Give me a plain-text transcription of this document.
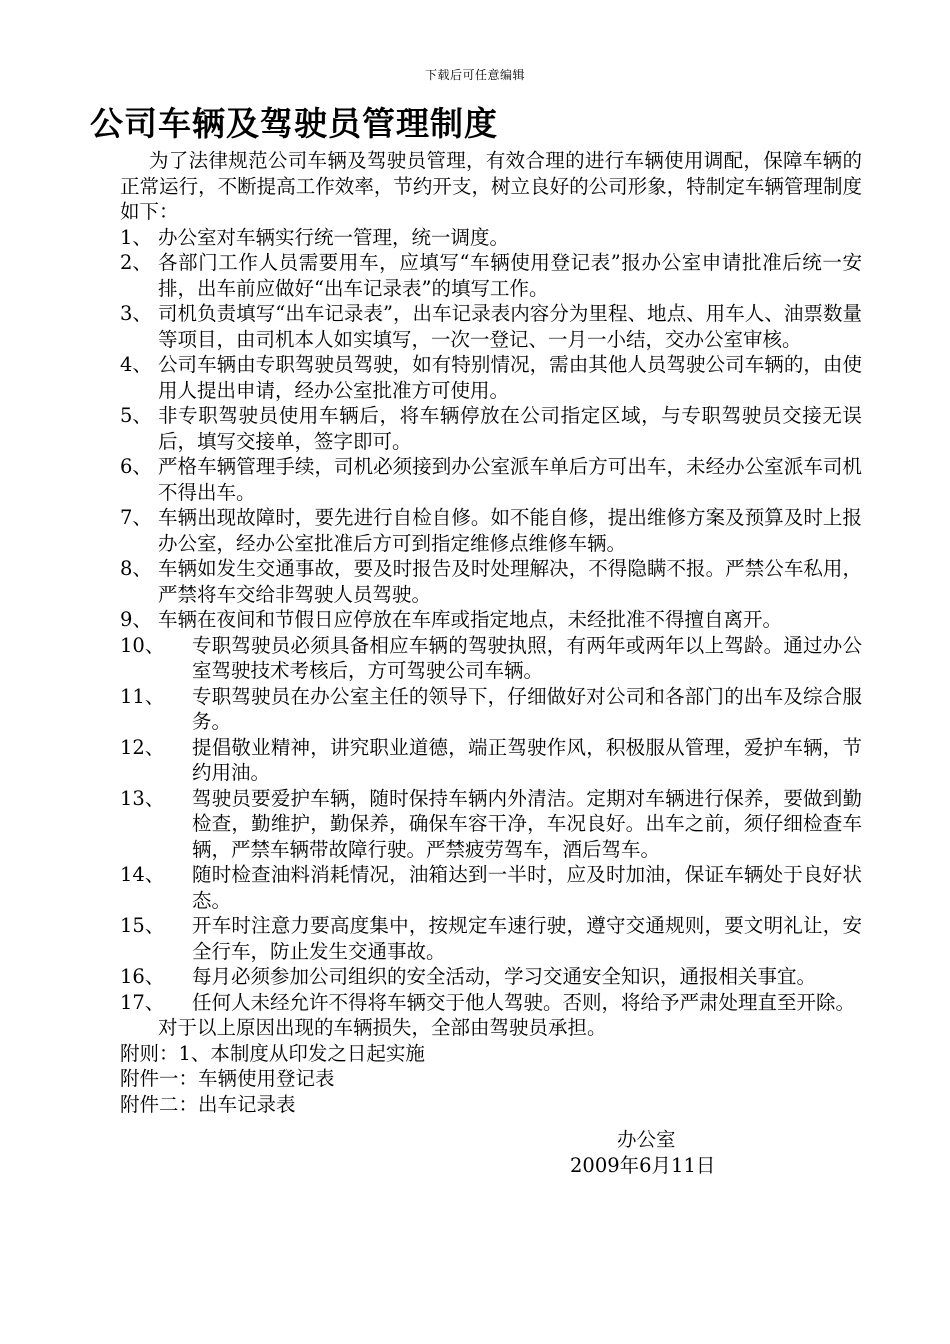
下载后可任意编辑
公司车辆及驾驶员管理制度

为了法律规范公司车辆及驾驶员管理，有效合理的进行车辆使用调配，保障车辆的正常运行，不断提高工作效率，节约开支，树立良好的公司形象，特制定车辆管理制度如下：

1、 办公室对车辆实行统一管理，统一调度。
2、 各部门工作人员需要用车，应填写“车辆使用登记表”报办公室申请批准后统一安排，出车前应做好“出车记录表”的填写工作。
3、 司机负责填写“出车记录表”，出车记录表内容分为里程、地点、用车人、油票数量等项目，由司机本人如实填写，一次一登记、一月一小结，交办公室审核。
4、 公司车辆由专职驾驶员驾驶，如有特别情况，需由其他人员驾驶公司车辆的，由使用人提出申请，经办公室批准方可使用。
5、 非专职驾驶员使用车辆后，将车辆停放在公司指定区域，与专职驾驶员交接无误后，填写交接单，签字即可。
6、 严格车辆管理手续，司机必须接到办公室派车单后方可出车，未经办公室派车司机不得出车。
7、 车辆出现故障时，要先进行自检自修。如不能自修，提出维修方案及预算及时上报办公室，经办公室批准后方可到指定维修点维修车辆。
8、 车辆如发生交通事故，要及时报告及时处理解决，不得隐瞒不报。严禁公车私用，严禁将车交给非驾驶人员驾驶。
9、 车辆在夜间和节假日应停放在车库或指定地点，未经批准不得擅自离开。
10、	专职驾驶员必须具备相应车辆的驾驶执照，有两年或两年以上驾龄。通过办公室驾驶技术考核后，方可驾驶公司车辆。
11、	专职驾驶员在办公室主任的领导下，仔细做好对公司和各部门的出车及综合服务。
12、	提倡敬业精神，讲究职业道德，端正驾驶作风，积极服从管理，爱护车辆，节约用油。
13、	驾驶员要爱护车辆，随时保持车辆内外清洁。定期对车辆进行保养，要做到勤检查，勤维护，勤保养，确保车容干净，车况良好。出车之前，须仔细检查车辆，严禁车辆带故障行驶。严禁疲劳驾车，酒后驾车。
14、	随时检查油料消耗情况，油箱达到一半时，应及时加油，保证车辆处于良好状态。
15、	开车时注意力要高度集中，按规定车速行驶，遵守交通规则，要文明礼让，安全行车，防止发生交通事故。
16、	每月必须参加公司组织的安全活动，学习交通安全知识，通报相关事宜。
17、	任何人未经允许不得将车辆交于他人驾驶。否则，将给予严肃处理直至开除。

对于以上原因出现的车辆损失，全部由驾驶员承担。

附则：1、本制度从印发之日起实施

附件一：车辆使用登记表

附件二：出车记录表

办公室
2009年6月11日
